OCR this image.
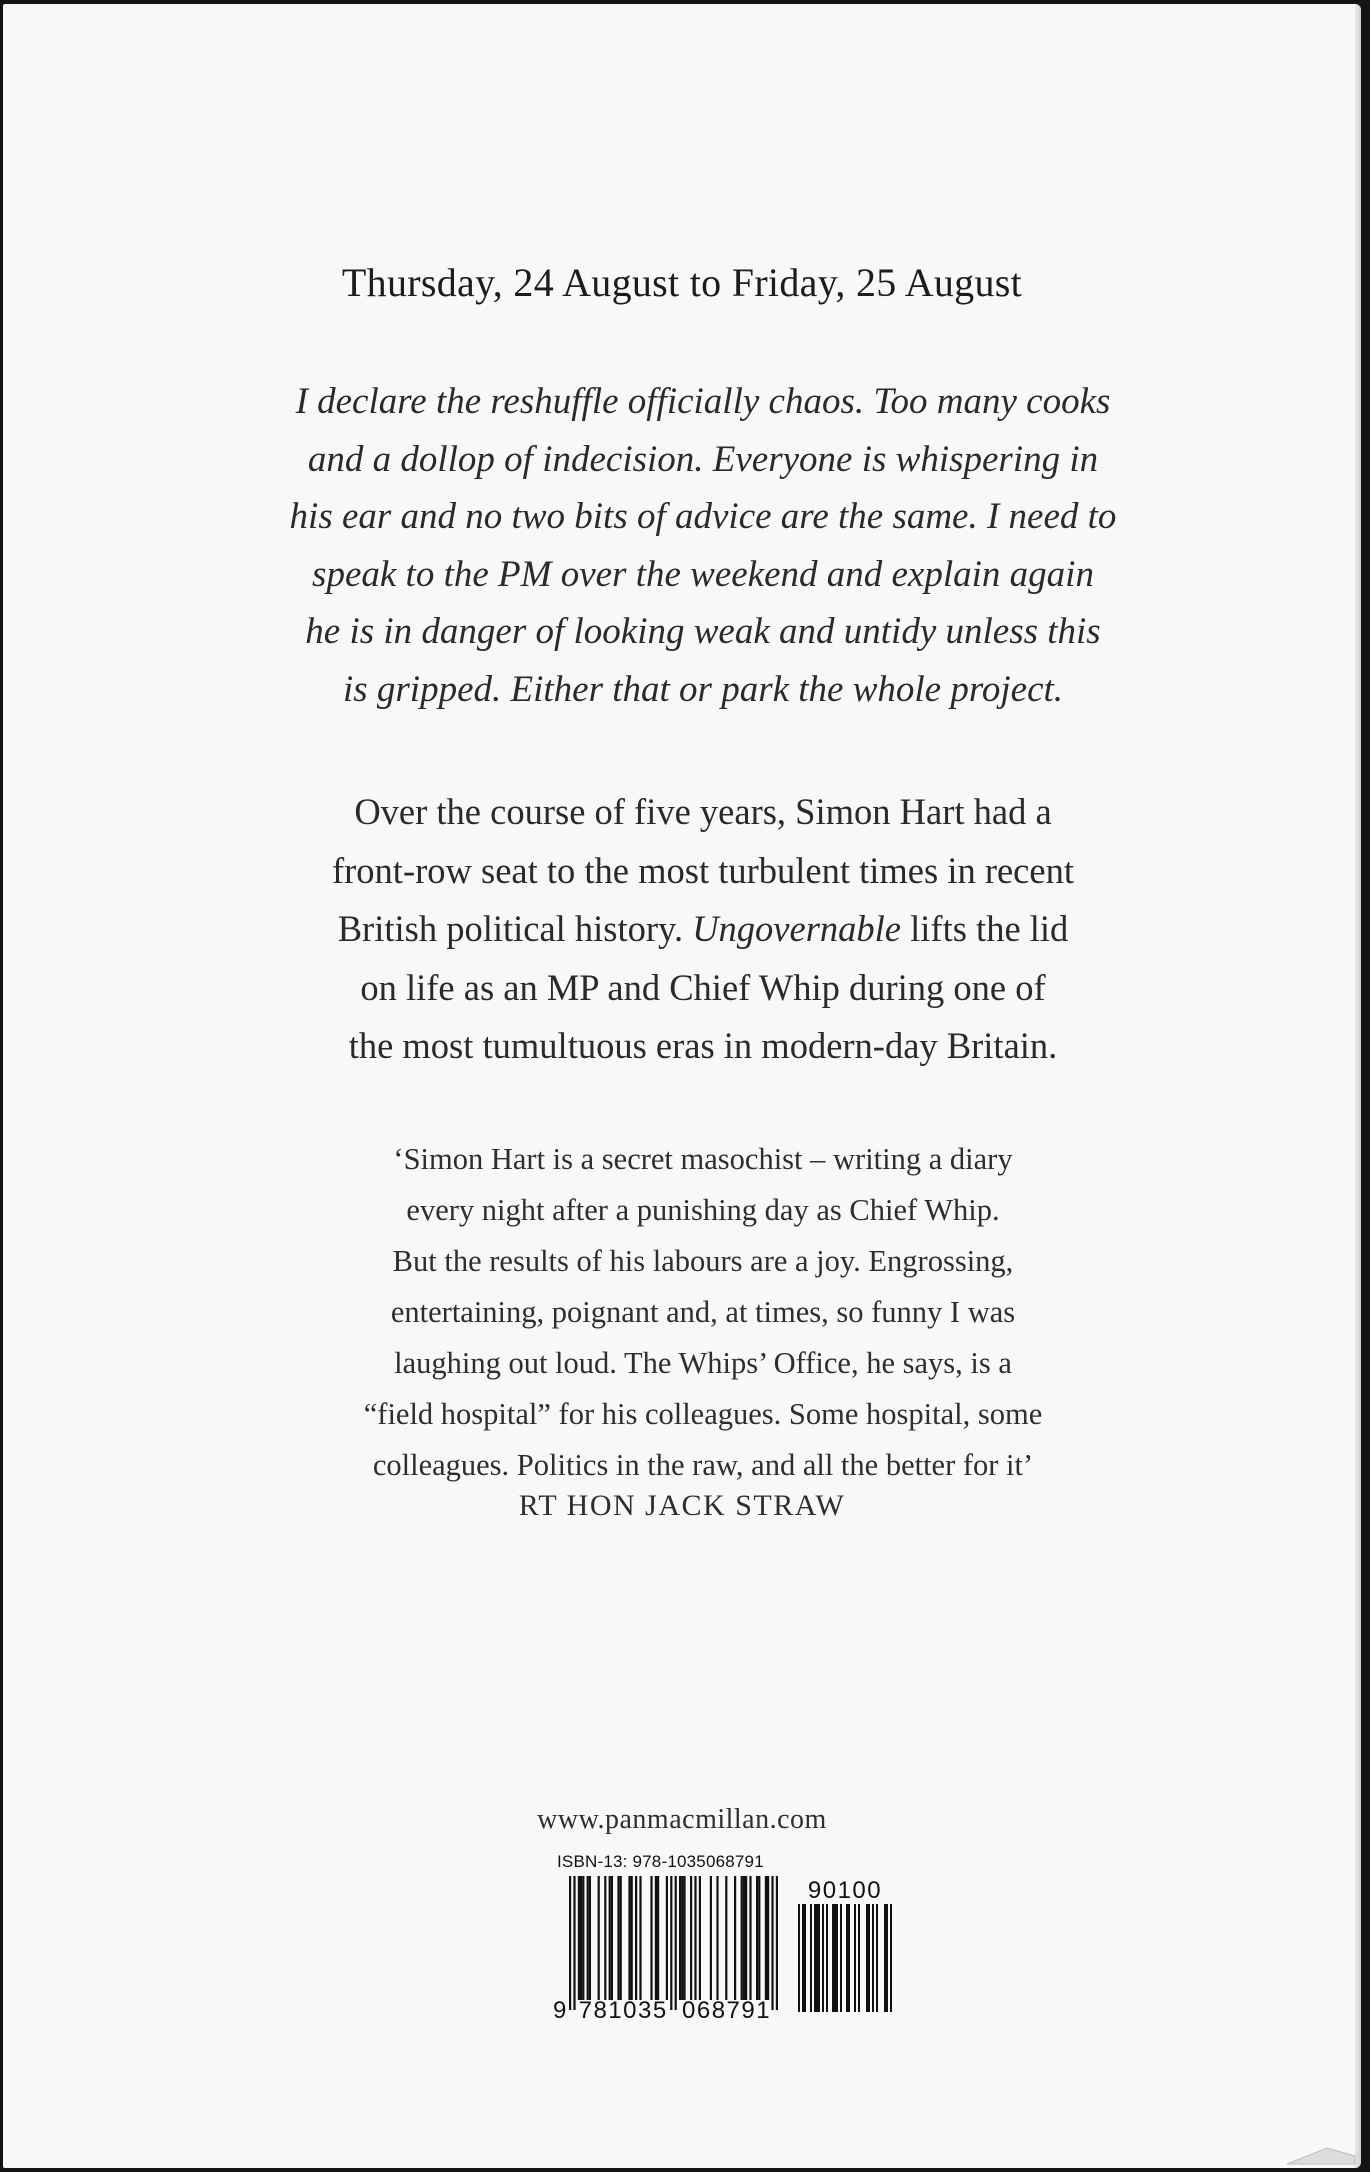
Thursday, 24 August to Friday, 25 August
I declare the reshuffle officially chaos. Too many cooks
and a dollop of indecision. Everyone is whispering in
his ear and no two bits of advice are the same. I need to
speak to the PM over the weekend and explain again
he is in danger of looking weak and untidy unless this
is gripped. Either that or park the whole project.
Over the course of five years, Simon Hart had a
front-row seat to the most turbulent times in recent
British political history. Ungovernable lifts the lid
on life as an MP and Chief Whip during one of
the most tumultuous eras in modern-day Britain.
‘Simon Hart is a secret masochist – writing a diary
every night after a punishing day as Chief Whip.
But the results of his labours are a joy. Engrossing,
entertaining, poignant and, at times, so funny I was
laughing out loud. The Whips’ Office, he says, is a
“field hospital” for his colleagues. Some hospital, some
colleagues. Politics in the raw, and all the better for it’
RT HON JACK STRAW
www.panmacmillan.com
9 781035 068791
90100
ISBN-13: 978-1035068791
